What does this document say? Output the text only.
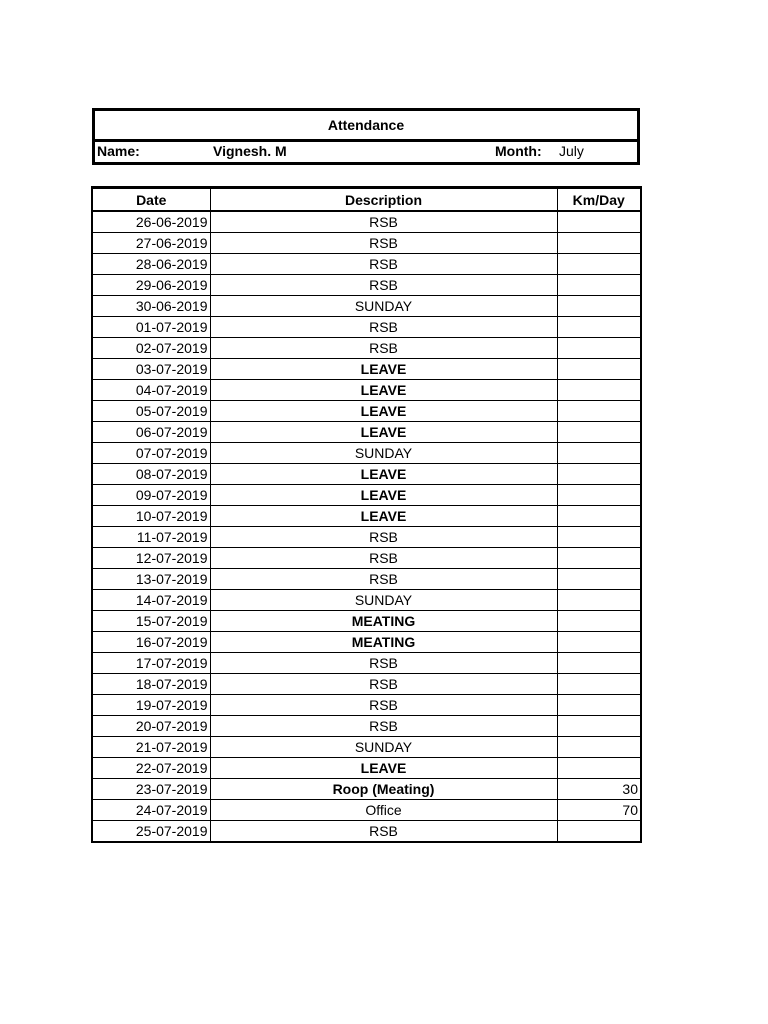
Attendance
Name:	Vignesh. M	Month: July
Date	Description	Km/Day
26-06-2019	RSB	
27-06-2019	RSB	
28-06-2019	RSB	
29-06-2019	RSB	
30-06-2019	SUNDAY	
01-07-2019	RSB	
02-07-2019	RSB	
03-07-2019	LEAVE	
04-07-2019	LEAVE	
05-07-2019	LEAVE	
06-07-2019	LEAVE	
07-07-2019	SUNDAY	
08-07-2019	LEAVE	
09-07-2019	LEAVE	
10-07-2019	LEAVE	
11-07-2019	RSB	
12-07-2019	RSB	
13-07-2019	RSB	
14-07-2019	SUNDAY	
15-07-2019	MEATING	
16-07-2019	MEATING	
17-07-2019	RSB	
18-07-2019	RSB	
19-07-2019	RSB	
20-07-2019	RSB	
21-07-2019	SUNDAY	
22-07-2019	LEAVE	
23-07-2019	Roop (Meating)	30
24-07-2019	Office	70
25-07-2019	RSB	
